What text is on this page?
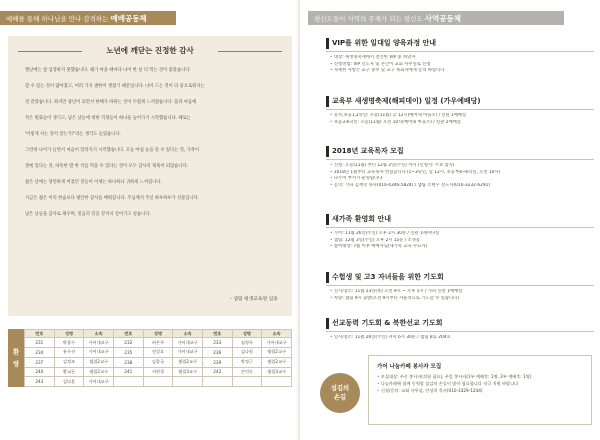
예배를 통해 하나님을 만나 감격하는 예배공동체
노년에 깨닫는 진정한 감사

옛날에는 참 심장하지 못했습니다. 왜가 마을 때마다 나이 한 살 더 먹는 것이 좋았습니다.

할 수 있는 것이 많아졌고, 어려 가지 권한이 생겼기 때문입니다. 나이 드는 것이 더 풍요로워지는

것 같았습니다. 하지만 중년이 되면서 한해가 바뀌는 것이 두렵게 느껴졌습니다. 몸과 마음에

작은 변화들이 생기고, 남은 날들에 대한 걱정들이 하나둘 늘어가기 시작했습니다. 때로는

'이렇게 사는 것이 맞는가?'라는 생각도 들었습니다.

그런데 나이가 들면서 마음이 달라지기 시작했습니다. 오늘 아침 눈을 뜰 수 있다는 것, 가족이

곁에 있다는 것, 따뜻한 밥 한 끼를 먹을 수 있다는 것이 모두 감사의 제목이 되었습니다.

젊은 날에는 당연하게 여겼던 것들이 이제는 하나하나 귀하게 느껴집니다.

지금은 젊은 이의 한숨보다 평안한 감사를 배워갑니다. 주님께서 주신 하루하루가 선물입니다.

남은 날들을 감사로 채우며, 믿음의 길을 끝까지 걸어가고 싶습니다.

- 샘림 평생교육원 임동
환
영
번호	성명	소속	번호	성명	소속	번호	성명	소속
231	박종수	가어내교구	232	허은주	가어내교구	233	심정자	가어내교구
234	유수선	가어내교구	235	전성호	가어내교구	236	김나원	샘림2교구
237	김정조	샘림2교구	238	김종국	샘림2교구	239	박정근	샘림2교구
240	황교돈	샘림2교구	241	서현경	샘림3교구	242	손덕숙	샘림3교구
243	김다훈	가어내교구						
평신도들이 사역의 주체가 되는 평신도 사역공동체
VIP를 위한 일대일 양육과정 안내
• 대상: 새생명축제에서 결신한 VIP 중 희망자
• 신청방법: VIP 인도자 및 본인이 교회 사무실로 신청
• 자세한 사항은 교구 총무 및 교구 목회자에게 문의 바랍니다
교육부 새생명축제(해피데이) 일정 (가우예배당)
• 유치,초등1,2학년: 오늘(11월) 낮 12시(예어내 마을소) / 신관 1예배실
• 초등3-6학년: 오늘(11월) 오전 10시(예어내 마을소) / 신관 2예배실
2018년 교육목자 모집
• 신청: 오늘(11월) 부터 12월 3일(주일) 까지 (신청서: 주보 삽지)
• 2018년 1월부터 교육목자 면접합니다 (1~3학년, 날 12시, 초등부4~6학년, 오전 10시)
• 나누어 부서가 운영됩니다
• 문의: 가파 김재학 목사(010-4346-5824) / 샘림 조현우 전도사(010-3232-6291)
새가족 환영회 안내
• 가어: 11월 26일(주일) 오후 2시 30분 / 신관 1세미나실
• 샘림: 12월 3일(주일) 오후 2시 15분 / 소정홀
• 참여대상: 7월 이후 예배자님(새가족 교육 수료자)
수험생 및 고3 자녀들을 위한 기도회
• 일시/장소: 11월 23일(목) 오전 9시 ~ 오후 5시 / 가파 신관 1예배실
• 차량: 샘림 9시 출발(오전 9시부터 자율적으로 기도할 수 있습니다)
선교동력 기도회 & 북한선교 기도회
• 일시/장소: 11월 26일(주일) 저녁 6시 30분 / 샘림 B동 204호
섬김의
손길
가어 나눔카페 봉사자 모집
• 모집대상: 주중 봉사자(격월 필요), 주일 봉사자(1부 예배후: 1명, 2부 예배후: 1명)
• 나눔카페에 함께 동역할 섬김의 손길이 많이 필요합니다 적극 지원 바랍니다
• 신청/문의: 교회 사무실, 안성희 목사(010-3329-1244)
